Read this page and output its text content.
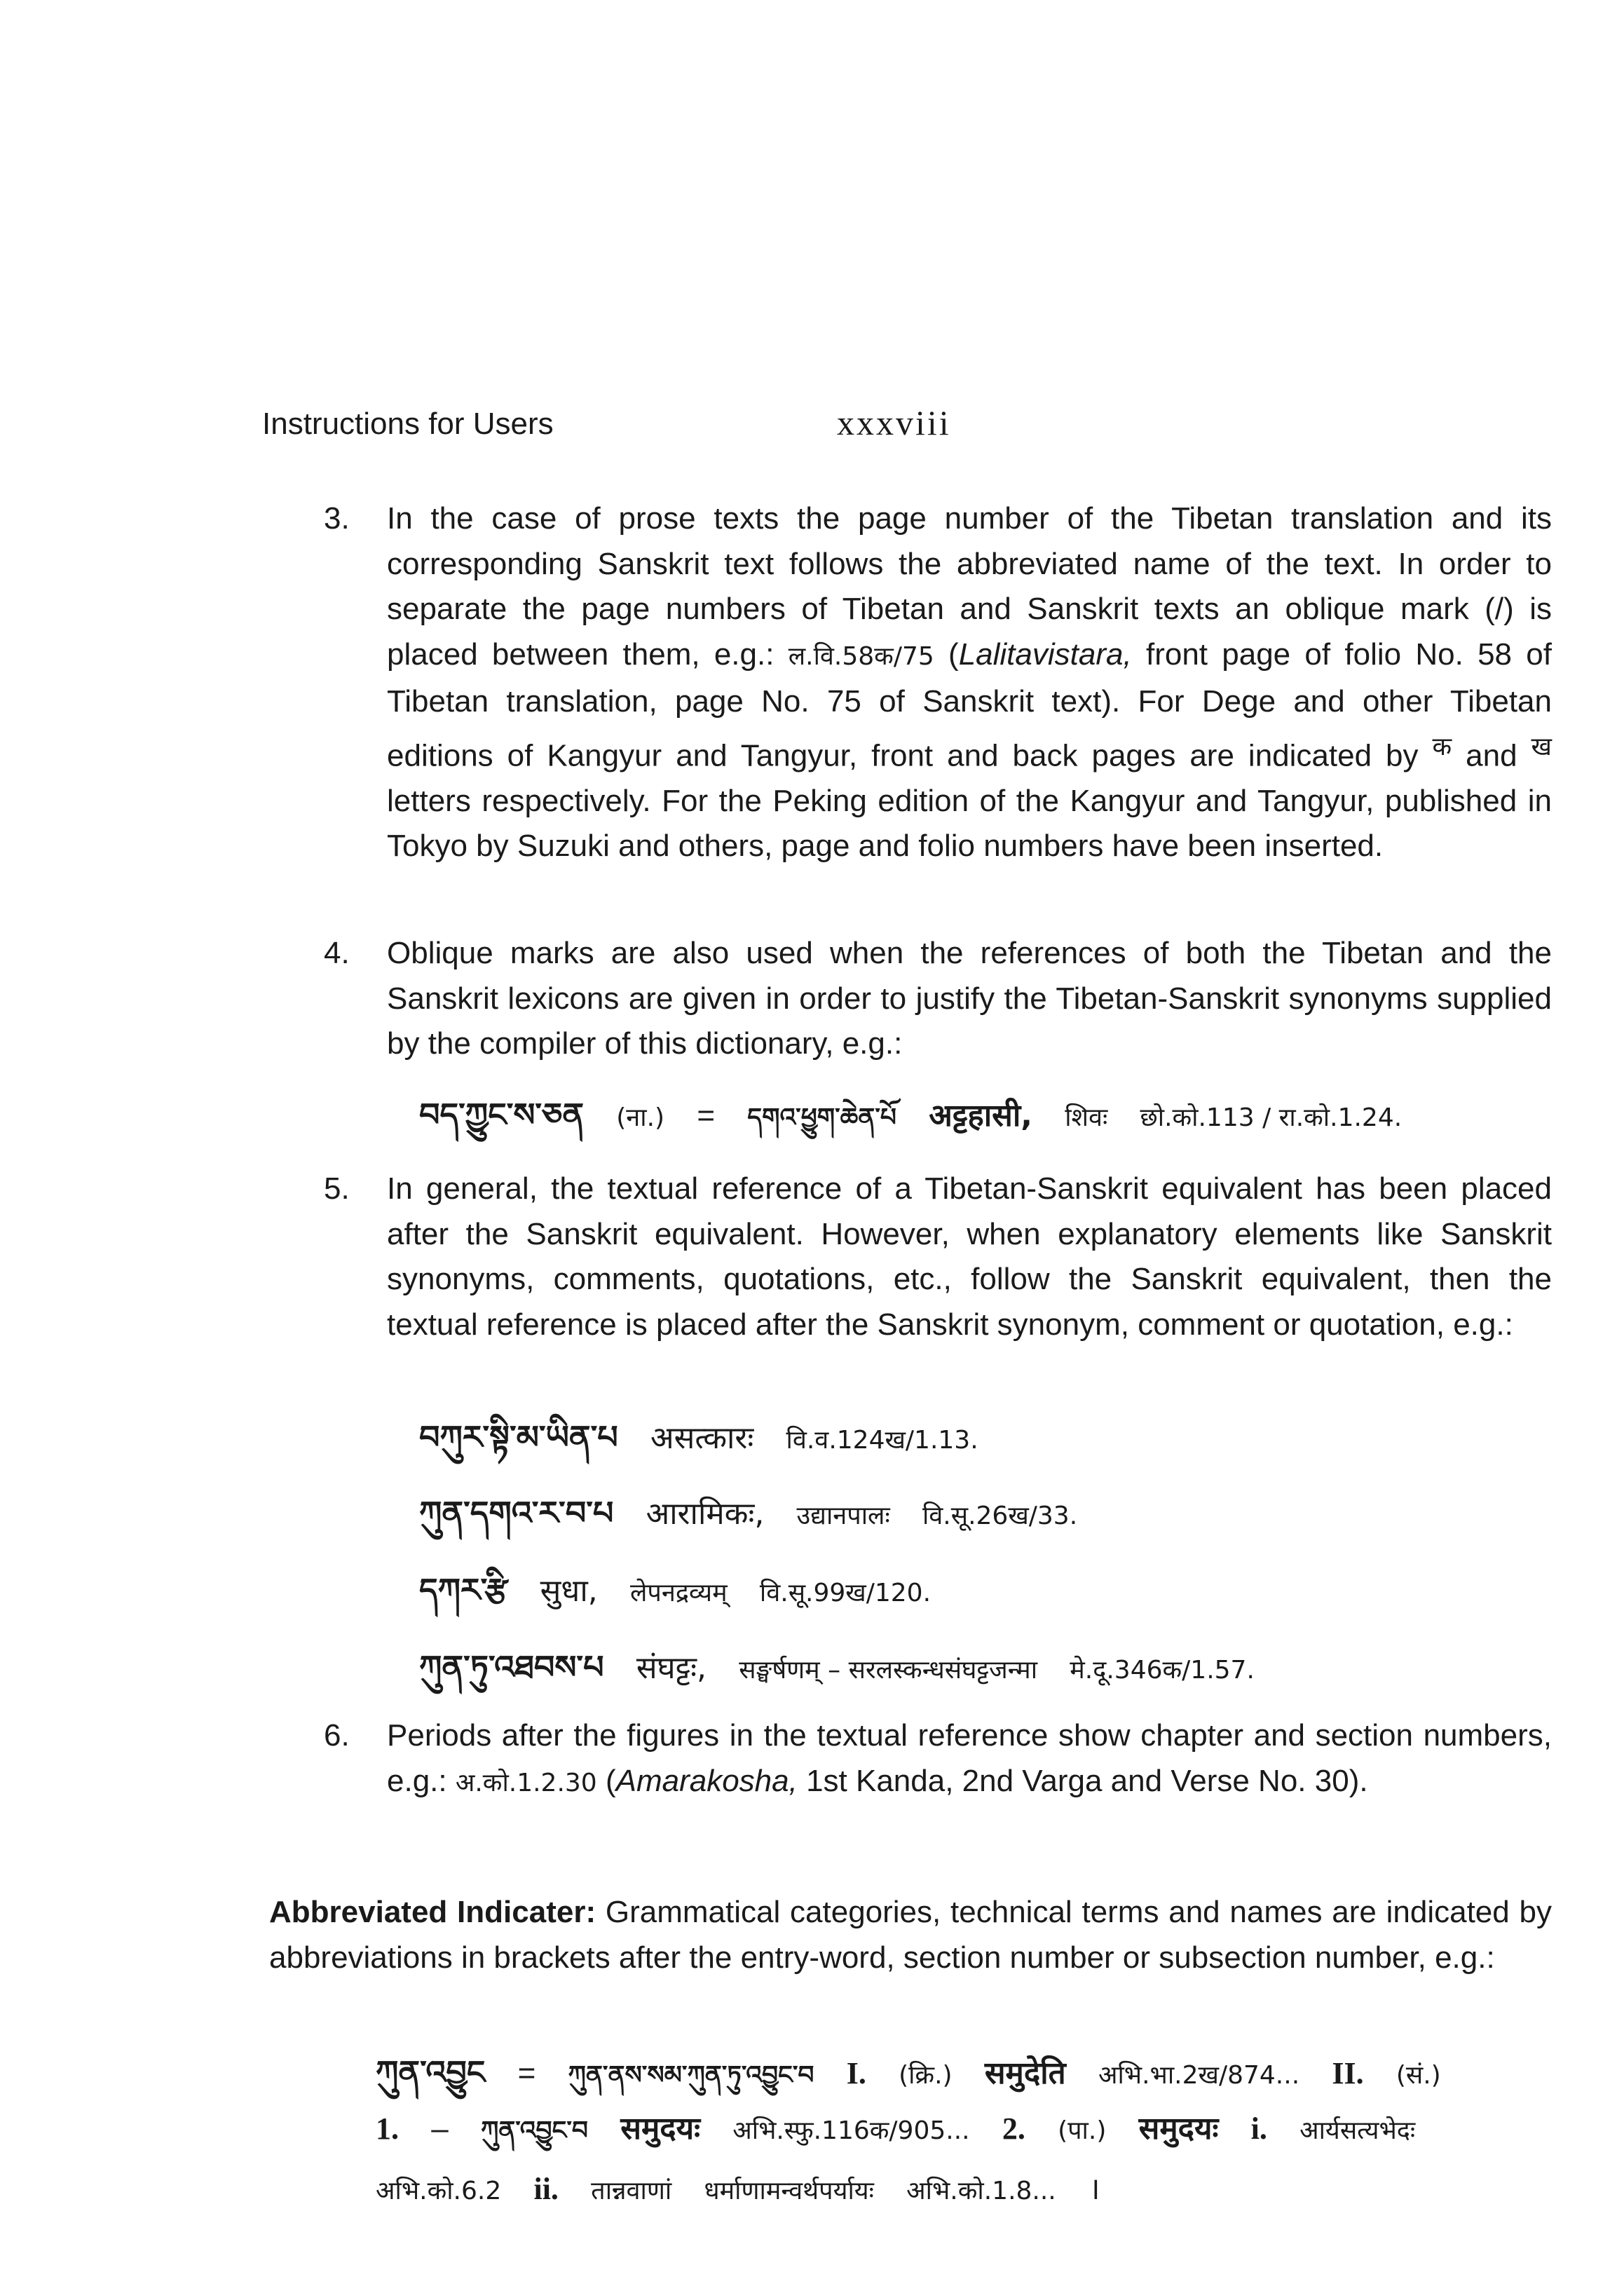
Instructions for Users	xxxviii
3.	In the case of prose texts the page number of the Tibetan translation and its corresponding Sanskrit text follows the abbreviated name of the text. In order to separate the page numbers of Tibetan and Sanskrit texts an oblique mark (/) is placed between them, e.g.: ल.वि.58क/75 (Lalitavistara, front page of folio No. 58 of Tibetan translation, page No. 75 of Sanskrit text). For Dege and other Tibetan editions of Kangyur and Tangyur, front and back pages are indicated by $^क$ and $^ख$ letters respectively. For the Peking edition of the Kangyur and Tangyur, published in Tokyo by Suzuki and others, page and folio numbers have been inserted.
4.	Oblique marks are also used when the references of both the Tibetan and the Sanskrit lexicons are given in order to justify the Tibetan-Sanskrit synonyms supplied by the compiler of this dictionary, e.g.:
བད་ཀྱུང་ས་ཅན (ना.) = དགའ་ཕྱུག་ཆེན་པོ अट्टहासी, शिवः छो.को.113 / रा.को.1.24.
5.	In general, the textual reference of a Tibetan-Sanskrit equivalent has been placed after the Sanskrit equivalent. However, when explanatory elements like Sanskrit synonyms, comments, quotations, etc., follow the Sanskrit equivalent, then the textual reference is placed after the Sanskrit synonym, comment or quotation, e.g.:
བཀུར་སྟི་མ་ཡིན་པ असत्कारः वि.व.124ख/1.13.
ཀུན་དགའ་ར་བ་པ आरामिकः, उद्यानपालः वि.सू.26ख/33.
དཀར་རྩི सुधा, लेपनद्रव्यम् वि.सू.99ख/120.
ཀུན་ཏུ་འཐབས་པ संघट्टः, सङ्घर्षणम् – सरलस्कन्धसंघट्टजन्मा मे.दू.346क/1.57.
6.	Periods after the figures in the textual reference show chapter and section numbers, e.g.: अ.को.1.2.30 (Amarakosha, 1st Kanda, 2nd Varga and Verse No. 30).
Abbreviated Indicater: Grammatical categories, technical terms and names are indicated by abbreviations in brackets after the entry-word, section number or subsection number, e.g.:
ཀུན་འབྱུང = ཀུན་ནས་སམ་ཀུན་ཏུ་འབྱུང་བ I. (क्रि.) समुदेति अभि.भा.2ख/874... II. (सं.)
1. – ཀུན་འབྱུང་བ समुदयः अभि.स्फु.116क/905... 2. (पा.) समुदयः i. आर्यसत्यभेदः
अभि.को.6.2 ii. तान्नवाणां धर्माणामन्वर्थपर्यायः अभि.को.1.8... ।
